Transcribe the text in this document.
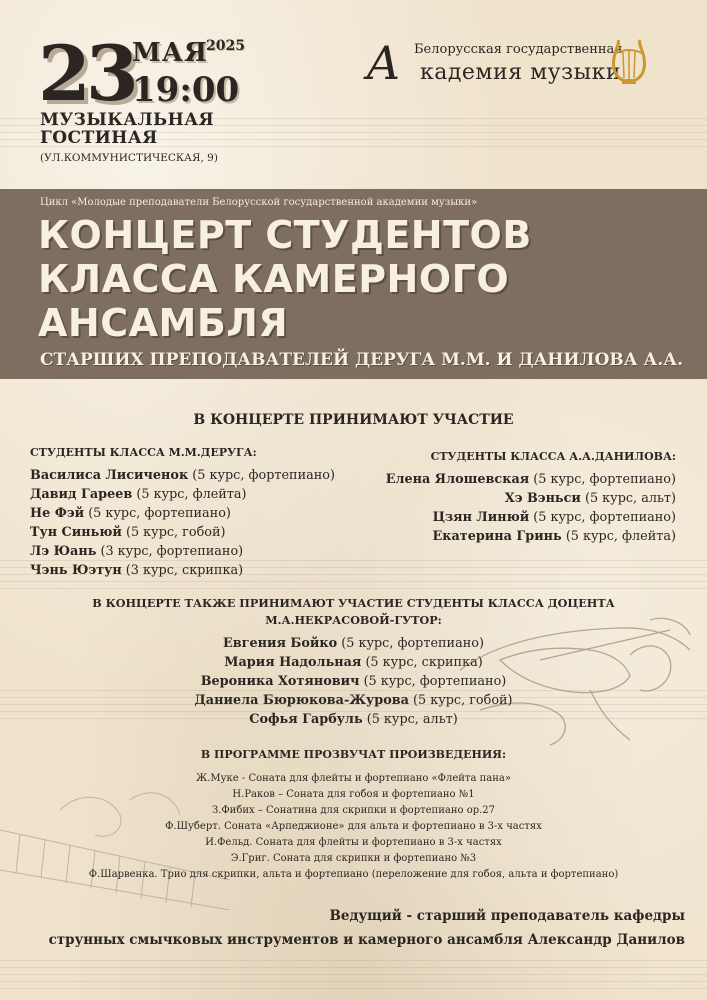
23
МАЯ
2025
19:00
МУЗЫКАЛЬНАЯ ГОСТИНАЯ
(УЛ.КОММУНИСТИЧЕСКАЯ, 9)
Белорусская государственная
А кадемия музыки
Цикл «Молодые преподаватели Белорусской государственной академии музыки»
КОНЦЕРТ СТУДЕНТОВ КЛАССА КАМЕРНОГО АНСАМБЛЯ
СТАРШИХ ПРЕПОДАВАТЕЛЕЙ ДЕРУГА М.М. И ДАНИЛОВА А.А.
В КОНЦЕРТЕ ПРИНИМАЮТ УЧАСТИЕ
СТУДЕНТЫ КЛАССА М.М.ДЕРУГА:
Василиса Лисиченок (5 курс, фортепиано)
Давид Гареев (5 курс, флейта)
Не Фэй (5 курс, фортепиано)
Тун Синьюй (5 курс, гобой)
Лэ Юань (3 курс, фортепиано)
Чэнь Юэтун (3 курс, скрипка)
СТУДЕНТЫ КЛАССА А.А.ДАНИЛОВА:
Елена Ялошевская (5 курс, фортепиано)
Хэ Вэньси (5 курс, альт)
Цзян Линюй (5 курс, фортепиано)
Екатерина Гринь (5 курс, флейта)
В КОНЦЕРТЕ ТАКЖЕ ПРИНИМАЮТ УЧАСТИЕ СТУДЕНТЫ КЛАССА ДОЦЕНТА
М.А.НЕКРАСОВОЙ-ГУТОР:
Евгения Бойко (5 курс, фортепиано)
Мария Надольная (5 курс, скрипка)
Вероника Хотянович (5 курс, фортепиано)
Даниела Бюрюкова-Журова (5 курс, гобой)
Софья Гарбуль (5 курс, альт)
В ПРОГРАММЕ ПРОЗВУЧАТ ПРОИЗВЕДЕНИЯ:
Ж.Муке - Соната для флейты и фортепиано «Флейта пана»
Н.Раков – Соната для гобоя и фортепиано №1
З.Фибих – Сонатина для скрипки и фортепиано ор.27
Ф.Шуберт. Соната «Арпеджионе» для альта и фортепиано в 3-х частях
И.Фельд. Соната для флейты и фортепиано в 3-х частях
Э.Григ. Соната для скрипки и фортепиано №3
Ф.Шарвенка. Трио для скрипки, альта и фортепиано (переложение для гобоя, альта и фортепиано)
Ведущий - старший преподаватель кафедры
струнных смычковых инструментов и камерного ансамбля Александр Данилов
